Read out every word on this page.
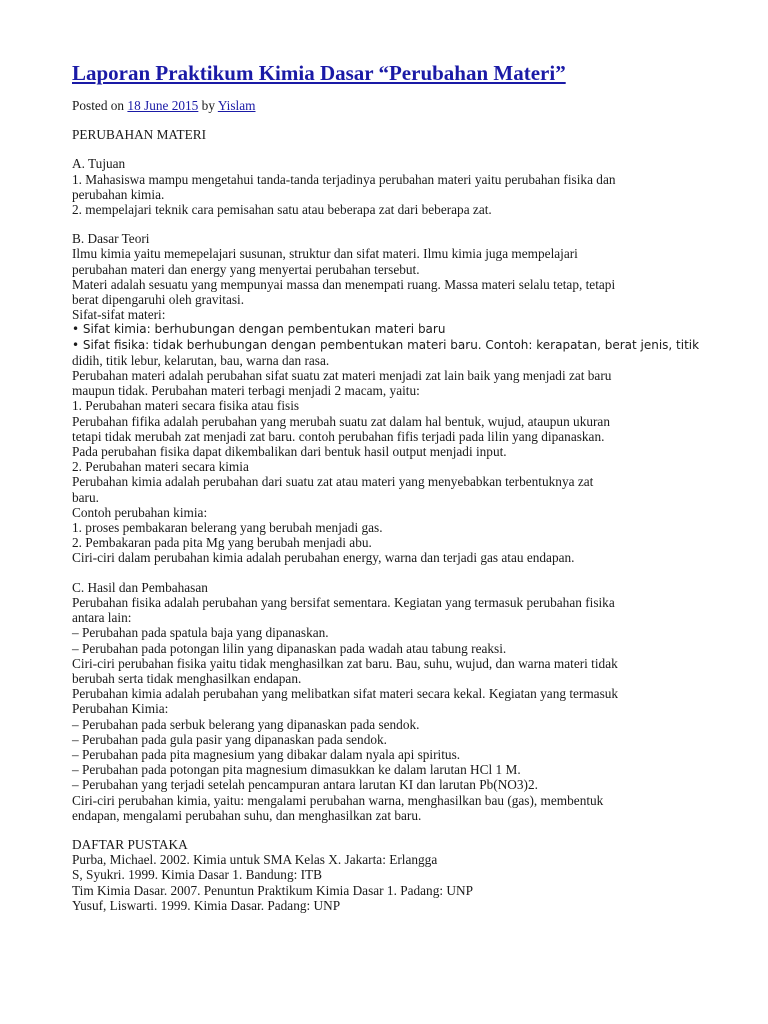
Laporan Praktikum Kimia Dasar “Perubahan Materi”
Posted on 18 June 2015 by Yislam
PERUBAHAN MATERI
A. Tujuan
1. Mahasiswa mampu mengetahui tanda-tanda terjadinya perubahan materi yaitu perubahan fisika dan
perubahan kimia.
2. mempelajari teknik cara pemisahan satu atau beberapa zat dari beberapa zat.
B. Dasar Teori
Ilmu kimia yaitu memepelajari susunan, struktur dan sifat materi. Ilmu kimia juga mempelajari
perubahan materi dan energy yang menyertai perubahan tersebut.
Materi adalah sesuatu yang mempunyai massa dan menempati ruang. Massa materi selalu tetap, tetapi
berat dipengaruhi oleh gravitasi.
Sifat-sifat materi:
• Sifat kimia: berhubungan dengan pembentukan materi baru
• Sifat fisika: tidak berhubungan dengan pembentukan materi baru. Contoh: kerapatan, berat jenis, titik
didih, titik lebur, kelarutan, bau, warna dan rasa.
Perubahan materi adalah perubahan sifat suatu zat materi menjadi zat lain baik yang menjadi zat baru
maupun tidak. Perubahan materi terbagi menjadi 2 macam, yaitu:
1. Perubahan materi secara fisika atau fisis
Perubahan fifika adalah perubahan yang merubah suatu zat dalam hal bentuk, wujud, ataupun ukuran
tetapi tidak merubah zat menjadi zat baru. contoh perubahan fifis terjadi pada lilin yang dipanaskan.
Pada perubahan fisika dapat dikembalikan dari bentuk hasil output menjadi input.
2. Perubahan materi secara kimia
Perubahan kimia adalah perubahan dari suatu zat atau materi yang menyebabkan terbentuknya zat
baru.
Contoh perubahan kimia:
1. proses pembakaran belerang yang berubah menjadi gas.
2. Pembakaran pada pita Mg yang berubah menjadi abu.
Ciri-ciri dalam perubahan kimia adalah perubahan energy, warna dan terjadi gas atau endapan.
C. Hasil dan Pembahasan
Perubahan fisika adalah perubahan yang bersifat sementara. Kegiatan yang termasuk perubahan fisika
antara lain:
– Perubahan pada spatula baja yang dipanaskan.
– Perubahan pada potongan lilin yang dipanaskan pada wadah atau tabung reaksi.
Ciri-ciri perubahan fisika yaitu tidak menghasilkan zat baru. Bau, suhu, wujud, dan warna materi tidak
berubah serta tidak menghasilkan endapan.
Perubahan kimia adalah perubahan yang melibatkan sifat materi secara kekal. Kegiatan yang termasuk
Perubahan Kimia:
– Perubahan pada serbuk belerang yang dipanaskan pada sendok.
– Perubahan pada gula pasir yang dipanaskan pada sendok.
– Perubahan pada pita magnesium yang dibakar dalam nyala api spiritus.
– Perubahan pada potongan pita magnesium dimasukkan ke dalam larutan HCl 1 M.
– Perubahan yang terjadi setelah pencampuran antara larutan KI dan larutan Pb(NO3)2.
Ciri-ciri perubahan kimia, yaitu: mengalami perubahan warna, menghasilkan bau (gas), membentuk
endapan, mengalami perubahan suhu, dan menghasilkan zat baru.
DAFTAR PUSTAKA
Purba, Michael. 2002. Kimia untuk SMA Kelas X. Jakarta: Erlangga
S, Syukri. 1999. Kimia Dasar 1. Bandung: ITB
Tim Kimia Dasar. 2007. Penuntun Praktikum Kimia Dasar 1. Padang: UNP
Yusuf, Liswarti. 1999. Kimia Dasar. Padang: UNP
